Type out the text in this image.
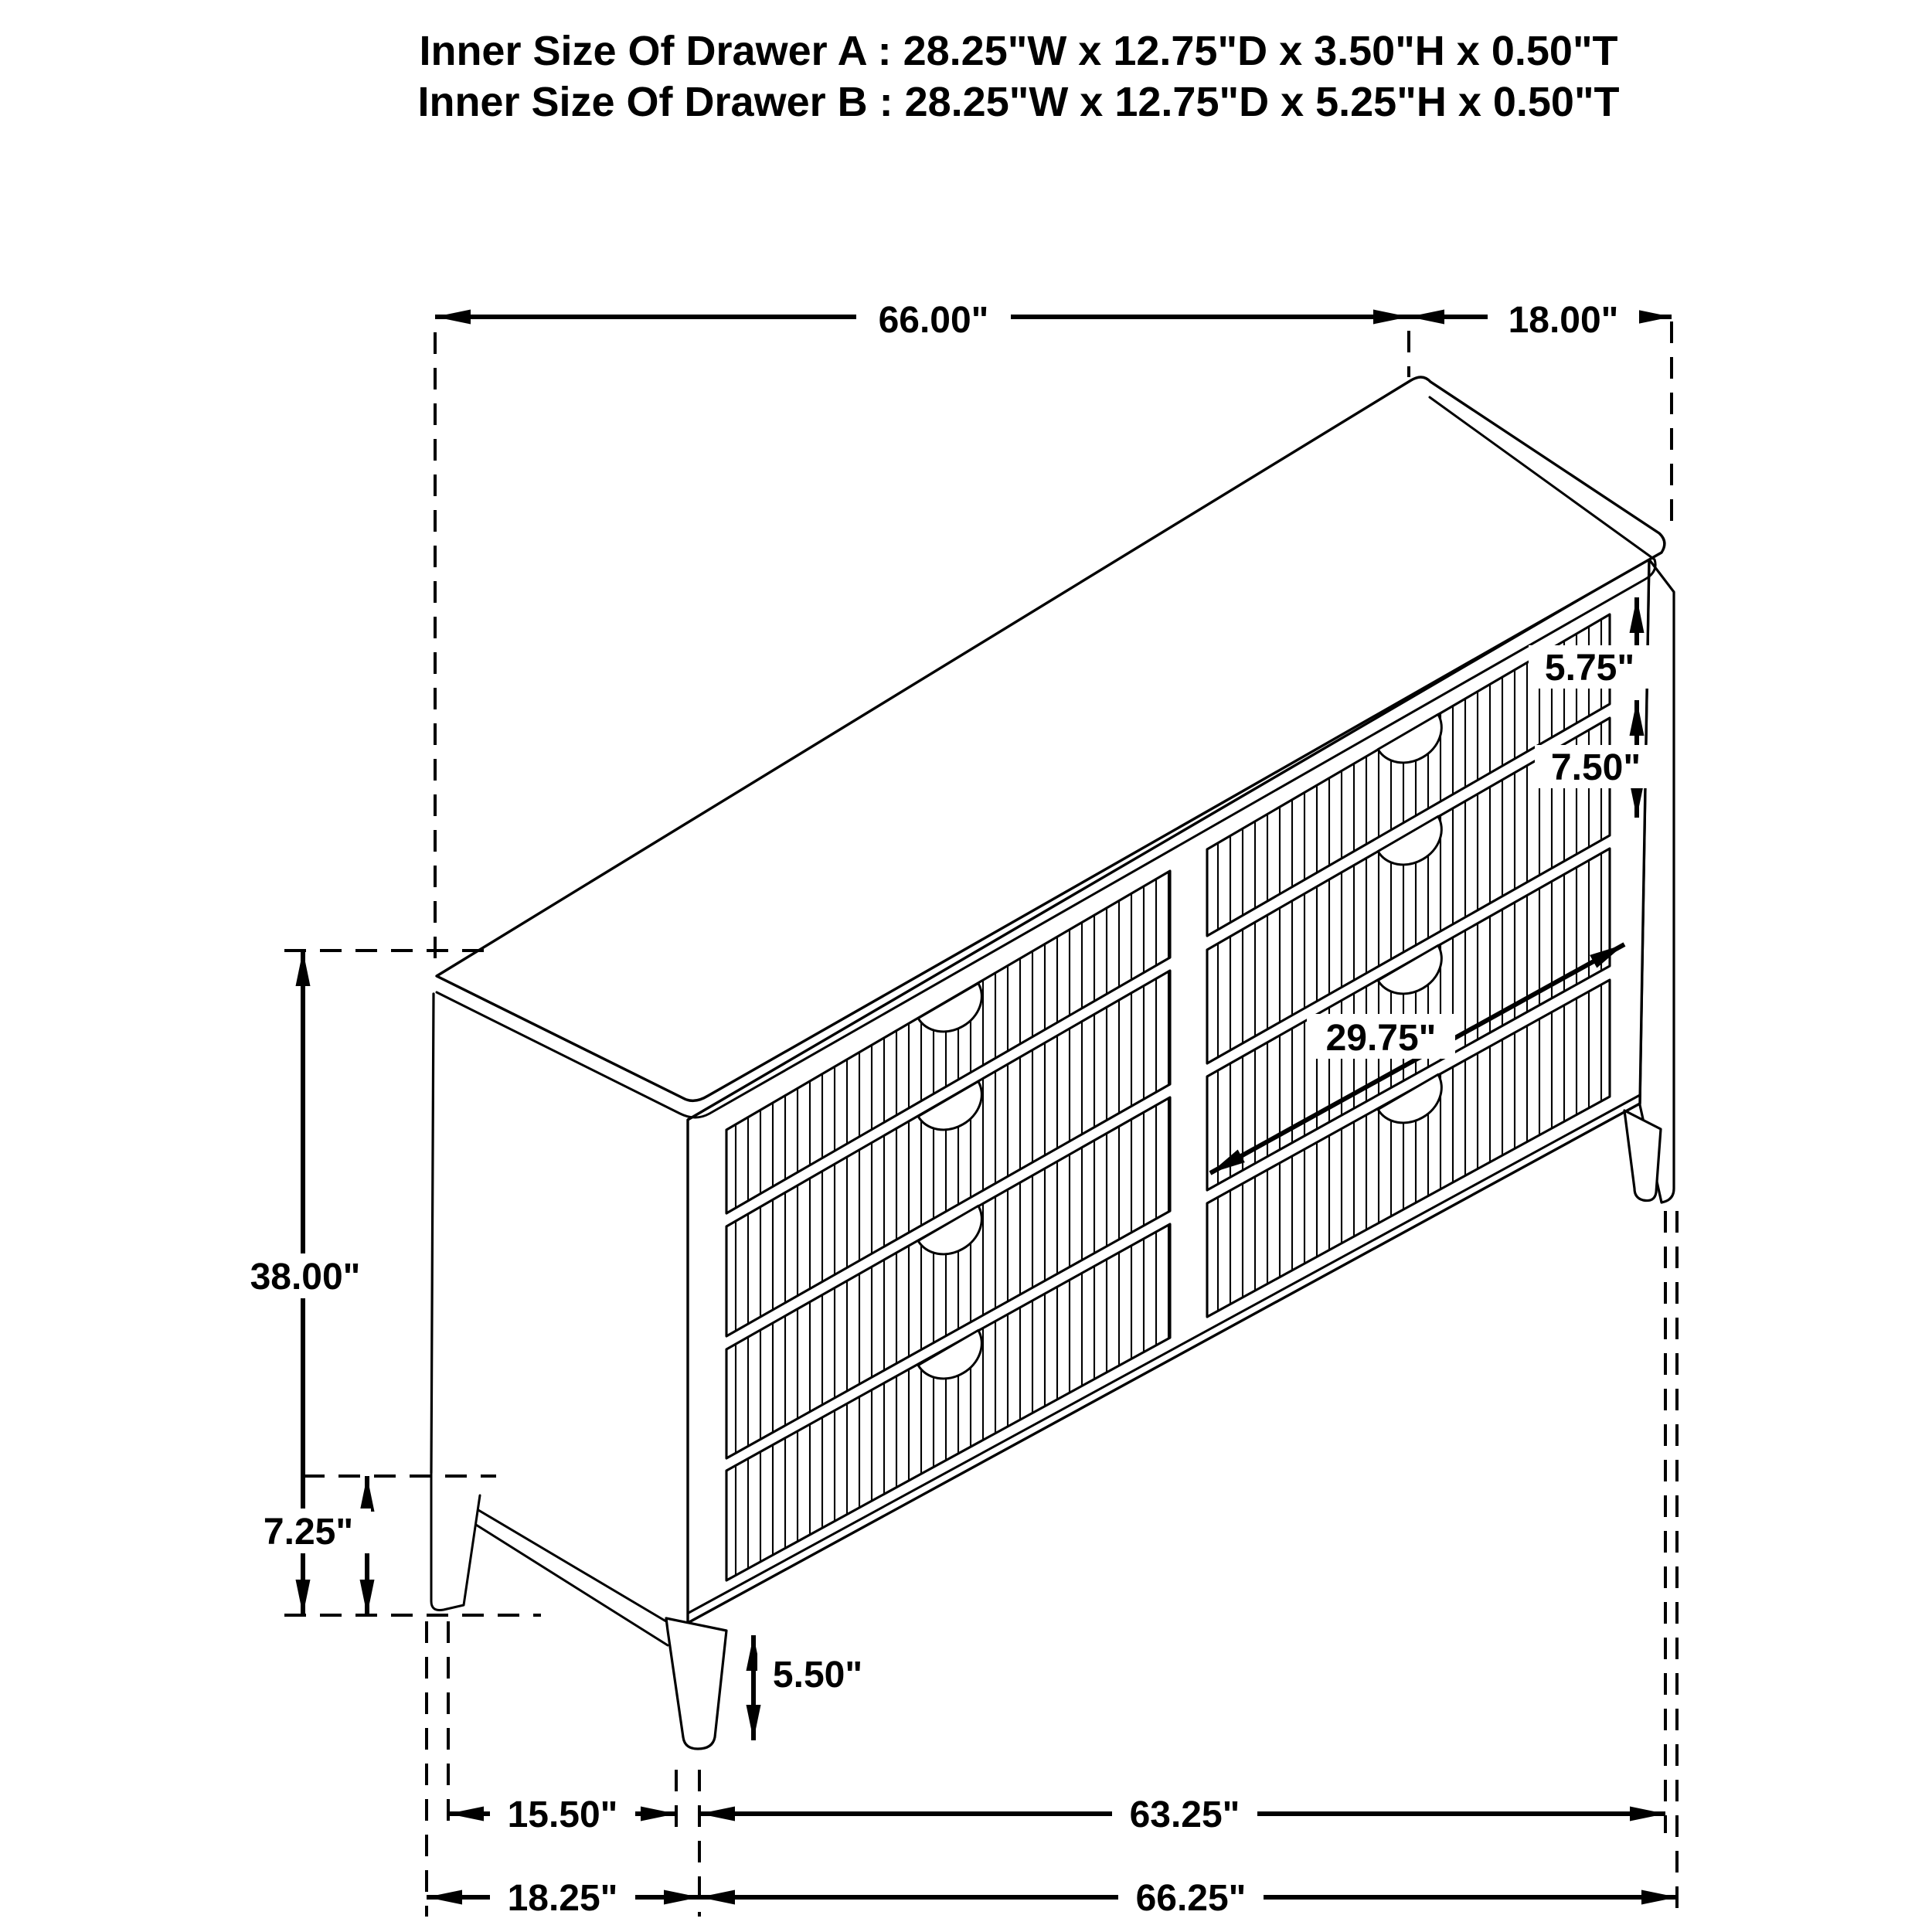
66.00"	18.00"
38.00"
7.25"
5.75"
7.50"
29.75"
5.50"
15.50"	63.25"
18.25"	66.25"
Inner Size Of Drawer A : 28.25"W x 12.75"D x 3.50"H x 0.50"T
Inner Size Of Drawer B : 28.25"W x 12.75"D x 5.25"H x 0.50"T
